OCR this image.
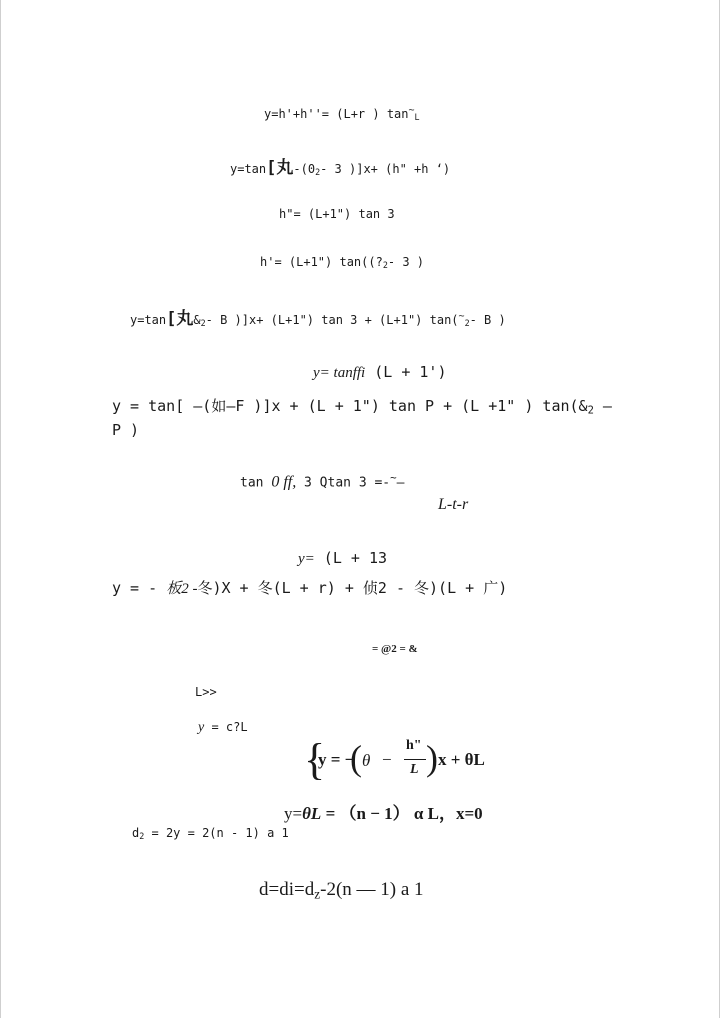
y=h'+h''= (L+r ) $\tan^\sim_L$
y=tan[丸$-(0_2-$ 3 )]x+ (h" +h ‘)
h"= (L+1") tan 3
h'= (L+1") $\tan((?_2-$ 3 )
y=tan[丸$\&_2-$ B )]x+ (L+1") tan 3 + (L+1") $\tan(^\sim_2-$ B )
y= tanffi (L + 1')
y = tan[ —(如—F )]x + (L + 1") tan P + (L +1" ) $\tan(\&_2$ —
P )
tan 0 ff, 3 Qtan 3 =-~—
L-t-r
y= (L + 13
y = - 板2 -冬)X + 冬(L + r) + 侦2 - 冬)(L + 广)
= @2 = &
L>>
y = c?L
{
y = −
( θ −
h"
L ) x + θL
y=θL = （n − 1） α L，x=0
$d_2 = 2y = 2(n - 1)$ a 1
$d=di=d_z-2(n$ — 1) a 1
